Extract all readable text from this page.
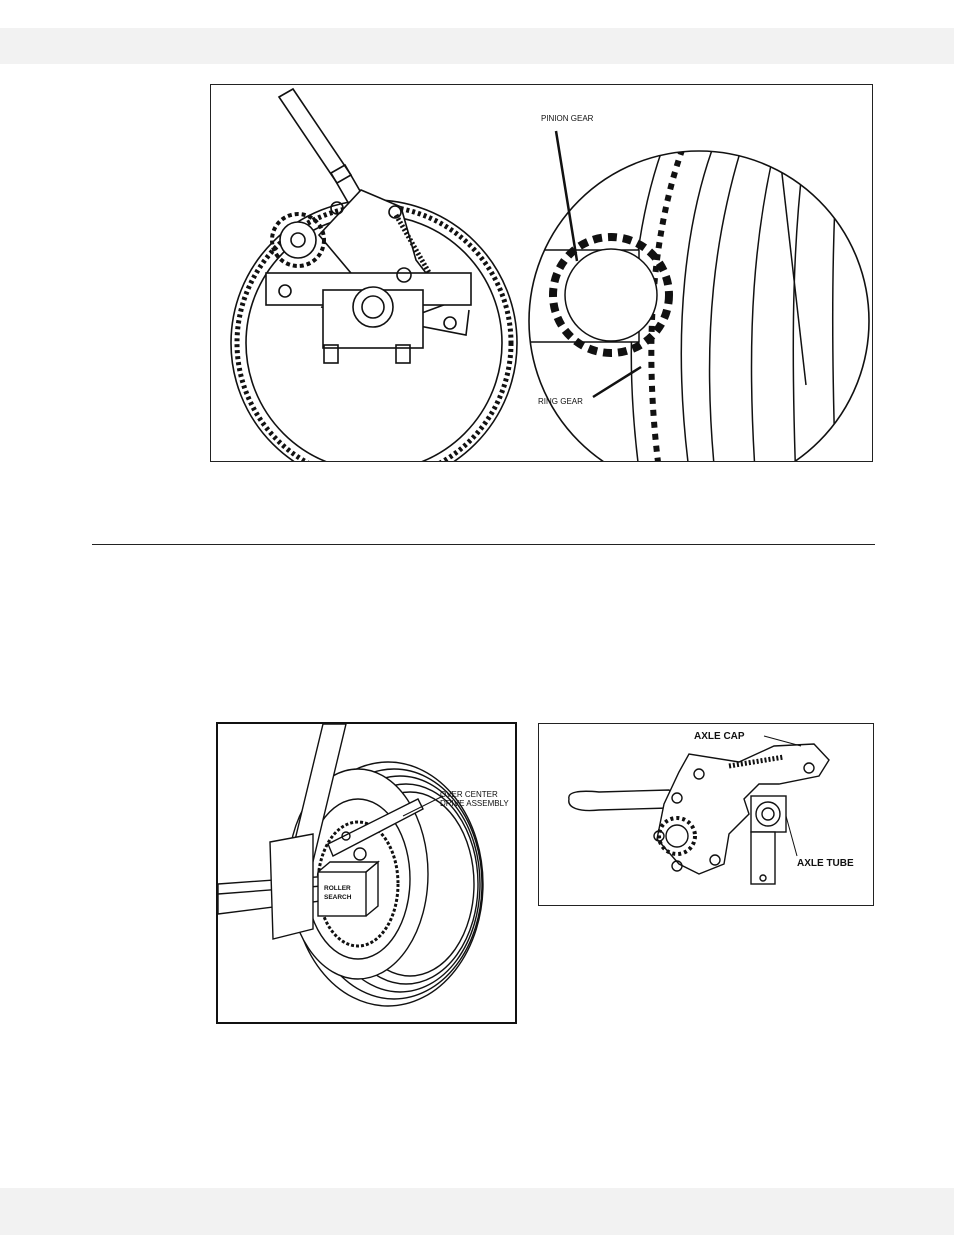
PINION GEAR
RING GEAR
OVER CENTER
DRIVE ASSEMBLY
ROLLER
SEARCH
AXLE CAP
AXLE TUBE
